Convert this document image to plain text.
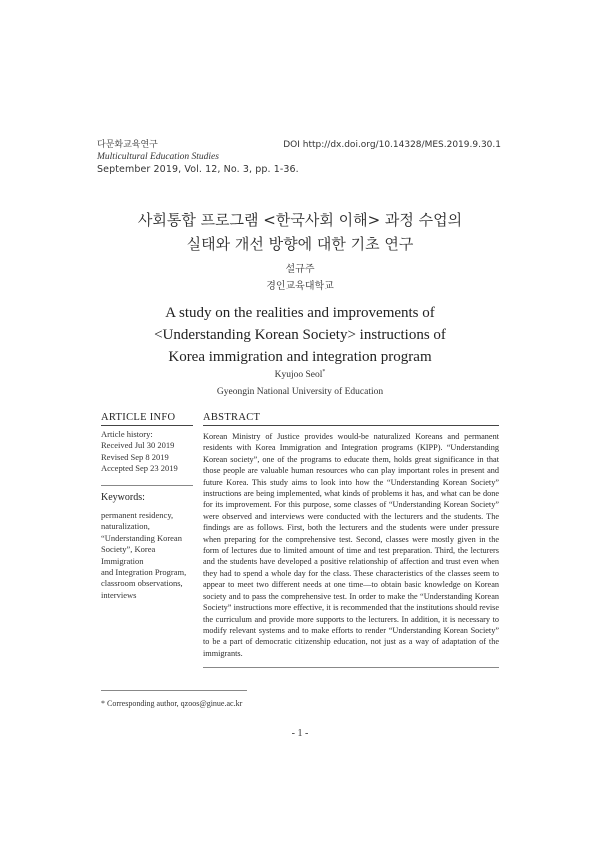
다문화교육연구	DOI http://dx.doi.org/10.14328/MES.2019.9.30.1
Multicultural Education Studies
September 2019, Vol. 12, No. 3, pp. 1-36.
사회통합 프로그램 <한국사회 이해> 과정 수업의
실태와 개선 방향에 대한 기초 연구
설규주
경인교육대학교
A study on the realities and improvements of
<Understanding Korean Society> instructions of
Korea immigration and integration program
Kyujoo Seol*
Gyeongin National University of Education
ARTICLE INFO
Article history:
Received Jul 30 2019
Revised Sep 8 2019
Accepted Sep 23 2019
Keywords:
permanent residency,
naturalization,
“Understanding Korean
Society”, Korea Immigration
and Integration Program,
classroom observations,
interviews
ABSTRACT
Korean Ministry of Justice provides would-be naturalized Koreans and permanent residents with Korea Immigration and Integration programs (KIPP). “Understanding Korean society”, one of the programs to educate them, holds great significance in that those people are valuable human resources who can play important roles in present and future Korea. This study aims to look into how the “Understanding Korean Society” instructions are being implemented, what kinds of problems it has, and what can be done for its improvement. For this purpose, some classes of “Understanding Korean Society” were observed and interviews were conducted with the lecturers and the students. The findings are as follows. First, both the lecturers and the students were under pressure when preparing for the comprehensive test. Second, classes were mostly given in the form of lectures due to limited amount of time and test preparation. Third, the lecturers and the students have developed a positive relationship of affection and trust even when they had to spend a whole day for the class. These characteristics of the classes seem to appear to meet two different needs at one time—to obtain basic knowledge on Korean society and to pass the comprehensive test. In order to make the “Understanding Korean Society” instructions more effective, it is recommended that the institutions should revise the curriculum and provide more supports to the lecturers. In addition, it is necessary to modify relevant systems and to make efforts to render “Understanding Korean Society” to be a part of democratic citizenship education, not just as a way of adaptation of the immigrants.
* Corresponding author, qzoos@ginue.ac.kr
- 1 -
